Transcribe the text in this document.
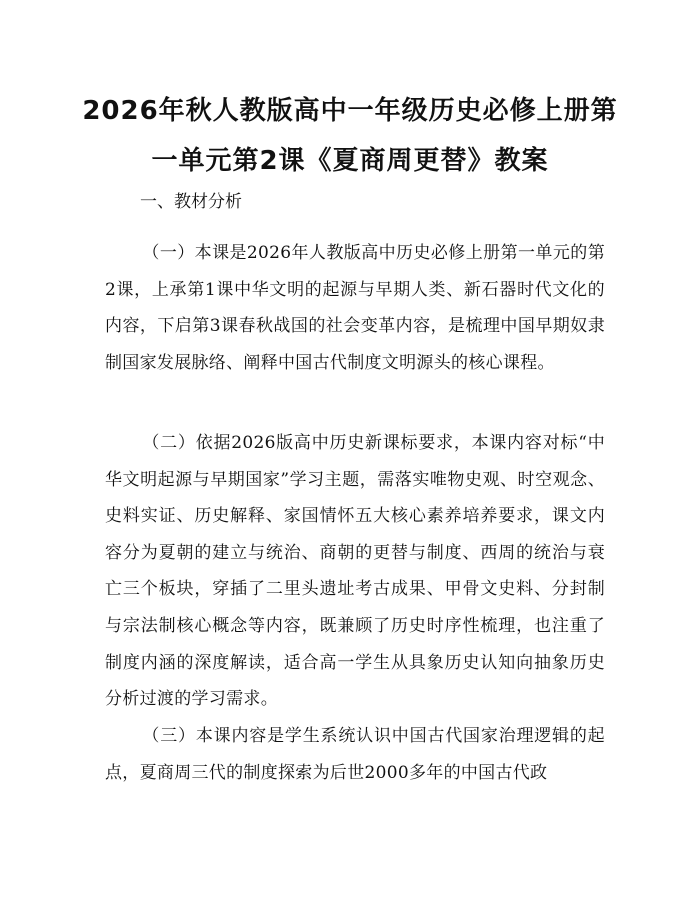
2026年秋人教版高中一年级历史必修上册第
一单元第2课《夏商周更替》教案

一、教材分析

（一）本课是2026年人教版高中历史必修上册第一单元的第2课，上承第1课中华文明的起源与早期人类、新石器时代文化的内容，下启第3课春秋战国的社会变革内容，是梳理中国早期奴隶制国家发展脉络、阐释中国古代制度文明源头的核心课程。

（二）依据2026版高中历史新课标要求，本课内容对标“中华文明起源与早期国家”学习主题，需落实唯物史观、时空观念、史料实证、历史解释、家国情怀五大核心素养培养要求，课文内容分为夏朝的建立与统治、商朝的更替与制度、西周的统治与衰亡三个板块，穿插了二里头遗址考古成果、甲骨文史料、分封制与宗法制核心概念等内容，既兼顾了历史时序性梳理，也注重了制度内涵的深度解读，适合高一学生从具象历史认知向抽象历史分析过渡的学习需求。

（三）本课内容是学生系统认识中国古代国家治理逻辑的起点，夏商周三代的制度探索为后世2000多年的中国古代政
